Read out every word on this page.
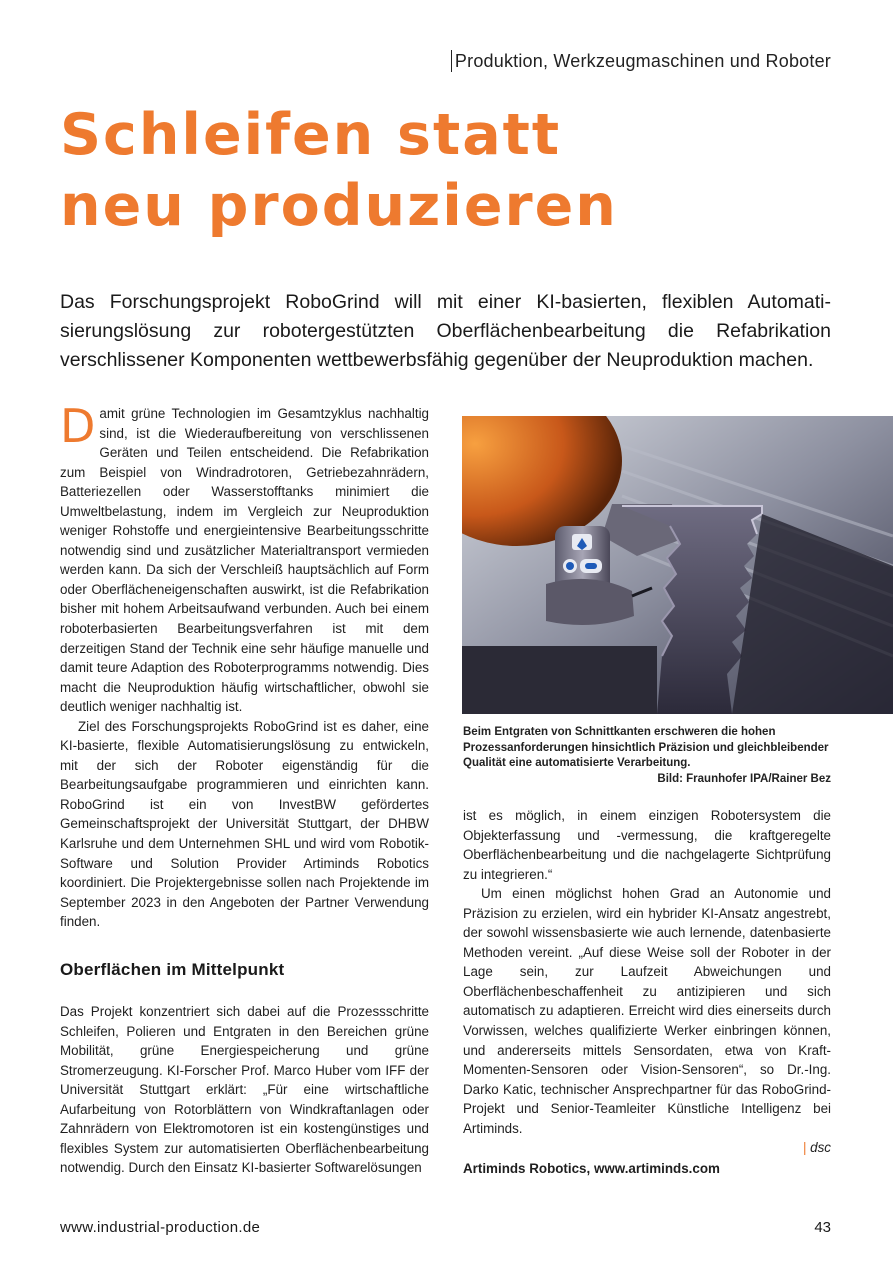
Produktion, Werkzeugmaschinen und Roboter
Schleifen statt
neu produzieren

Das Forschungsprojekt RoboGrind will mit einer KI-basierten, flexiblen Automati-

sierungslösung zur robotergestützten Oberflächenbearbeitung die Refabrikation

verschlissener Komponenten wettbewerbsfähig gegenüber der Neuproduktion machen.

Damit grüne Technologien im Gesamtzyklus nachhaltig sind, ist die Wiederaufbereitung von verschlissenen Geräten und Teilen entscheidend. Die Refabrikation zum Beispiel von Windradrotoren, Getriebezahnrädern, Batteriezellen oder Wasserstofftanks minimiert die Umweltbelastung, indem im Vergleich zur Neuproduktion weniger Rohstoffe und energieintensive Bearbeitungsschritte notwendig sind und zusätzlicher Materialtransport vermieden werden kann. Da sich der Verschleiß hauptsächlich auf Form oder Oberflächeneigenschaften auswirkt, ist die Refabrikation bisher mit hohem Arbeitsaufwand verbunden. Auch bei einem roboterbasierten Bearbeitungsverfahren ist mit dem derzeitigen Stand der Technik eine sehr häufige manuelle und damit teure Adaption des Roboterprogramms notwendig. Dies macht die Neuproduktion häufig wirtschaftlicher, obwohl sie deutlich weniger nachhaltig ist.

Ziel des Forschungsprojekts RoboGrind ist es daher, eine KI-basierte, flexible Automatisierungslösung zu entwickeln, mit der sich der Roboter eigenständig für die Bearbeitungsaufgabe programmieren und einrichten kann. RoboGrind ist ein von InvestBW gefördertes Gemeinschaftsprojekt der Universität Stuttgart, der DHBW Karlsruhe und dem Unternehmen SHL und wird vom Robotik-Software und Solution Provider Artiminds Robotics koordiniert. Die Projektergebnisse sollen nach Projektende im September 2023 in den Angeboten der Partner Verwendung finden.

Oberflächen im Mittelpunkt

Das Projekt konzentriert sich dabei auf die Prozessschritte Schleifen, Polieren und Entgraten in den Bereichen grüne Mobilität, grüne Energiespeicherung und grüne Stromerzeugung. KI-Forscher Prof. Marco Huber vom IFF der Universität Stuttgart erklärt: „Für eine wirtschaftliche Aufarbeitung von Rotorblättern von Windkraftanlagen oder Zahnrädern von Elektromotoren ist ein kostengünstiges und flexibles System zur automatisierten Oberflächenbearbeitung notwendig. Durch den Einsatz KI-basierter Softwarelösungen

Beim Entgraten von Schnittkanten erschweren die hohen Prozessanforderungen hinsichtlich Präzision und gleichbleibender Qualität eine automatisierte Verarbeitung.
Bild: Fraunhofer IPA/Rainer Bez

ist es möglich, in einem einzigen Robotersystem die Objekterfassung und -vermessung, die kraftgeregelte Oberflächenbearbeitung und die nachgelagerte Sichtprüfung zu integrieren.“

Um einen möglichst hohen Grad an Autonomie und Präzision zu erzielen, wird ein hybrider KI-Ansatz angestrebt, der sowohl wissensbasierte wie auch lernende, datenbasierte Methoden vereint. „Auf diese Weise soll der Roboter in der Lage sein, zur Laufzeit Abweichungen und Oberflächenbeschaffenheit zu antizipieren und sich automatisch zu adaptieren. Erreicht wird dies einerseits durch Vorwissen, welches qualifizierte Werker einbringen können, und andererseits mittels Sensordaten, etwa von Kraft-Momenten-Sensoren oder Vision-Sensoren“, so Dr.-Ing. Darko Katic, technischer Ansprechpartner für das RoboGrind-Projekt und Senior-Teamleiter Künstliche Intelligenz bei Artiminds.

| dsc

Artiminds Robotics, www.artiminds.com
www.industrial-production.de	43
